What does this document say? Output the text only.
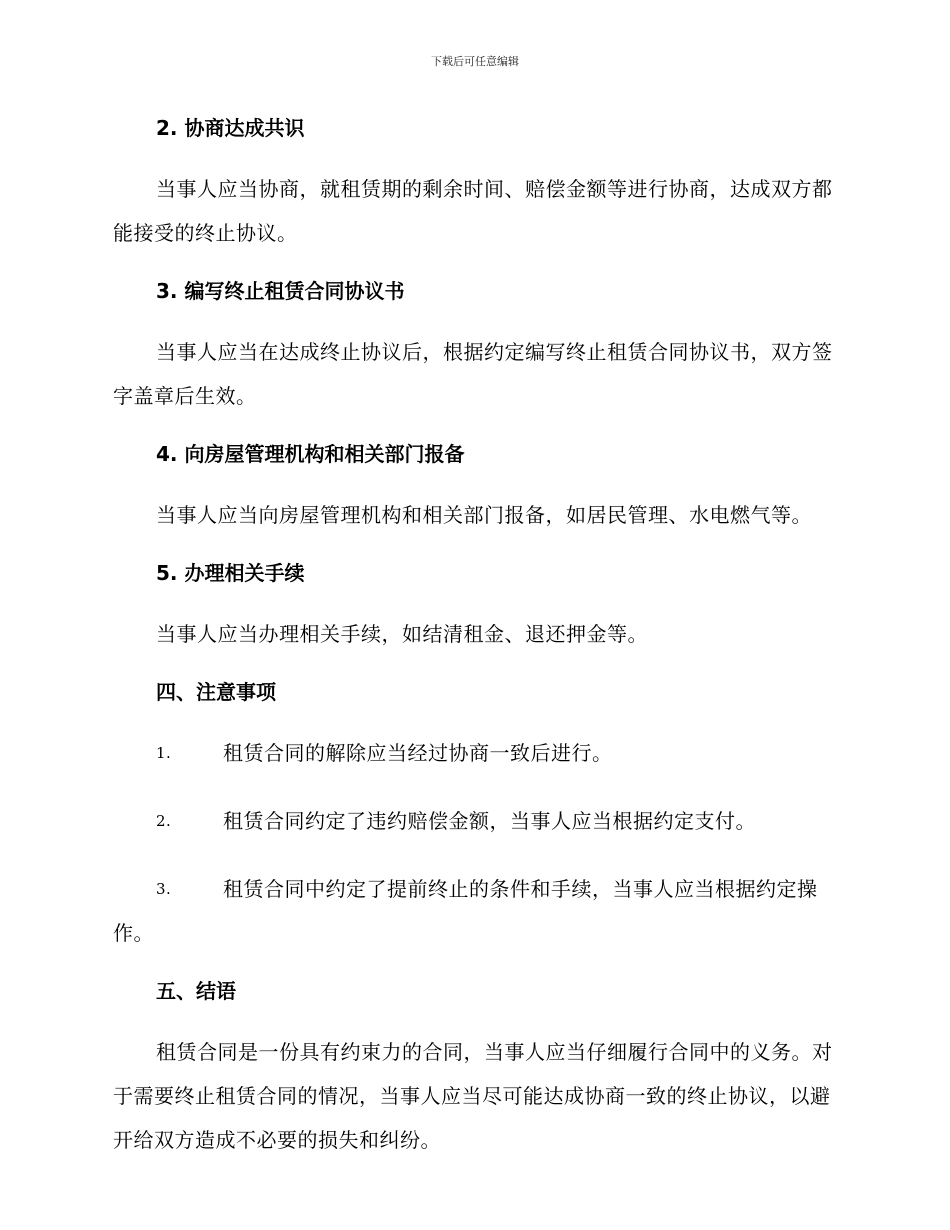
下载后可任意编辑
2. 协商达成共识

当事人应当协商，就租赁期的剩余时间、赔偿金额等进行协商，达成双方都能接受的终止协议。

3. 编写终止租赁合同协议书

当事人应当在达成终止协议后，根据约定编写终止租赁合同协议书，双方签字盖章后生效。

4. 向房屋管理机构和相关部门报备

当事人应当向房屋管理机构和相关部门报备，如居民管理、水电燃气等。

5. 办理相关手续

当事人应当办理相关手续，如结清租金、退还押金等。

四、注意事项

1.	租赁合同的解除应当经过协商一致后进行。

2.	租赁合同约定了违约赔偿金额，当事人应当根据约定支付。

3.	租赁合同中约定了提前终止的条件和手续，当事人应当根据约定操作。

五、结语

租赁合同是一份具有约束力的合同，当事人应当仔细履行合同中的义务。对于需要终止租赁合同的情况，当事人应当尽可能达成协商一致的终止协议，以避开给双方造成不必要的损失和纠纷。
